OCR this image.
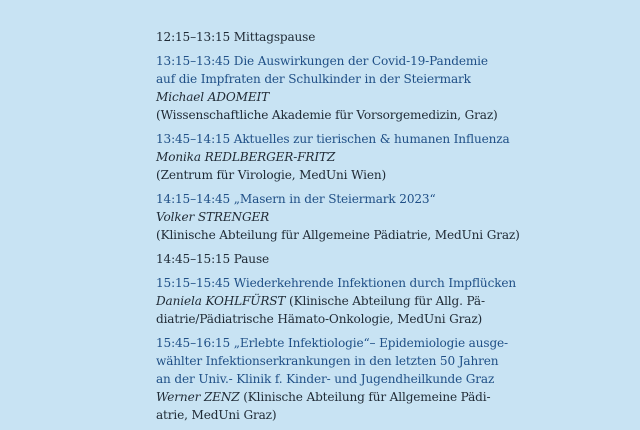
12:15–13:15 Mittagspause
13:15–13:45 Die Auswirkungen der Covid-19-Pandemie
auf die Impfraten der Schulkinder in der Steiermark
Michael ADOMEIT
(Wissenschaftliche Akademie für Vorsorgemedizin, Graz)
13:45–14:15 Aktuelles zur tierischen & humanen Influenza
Monika REDLBERGER-FRITZ
(Zentrum für Virologie, MedUni Wien)
14:15–14:45 „Masern in der Steiermark 2023“
Volker STRENGER
(Klinische Abteilung für Allgemeine Pädiatrie, MedUni Graz)
14:45–15:15 Pause
15:15–15:45 Wiederkehrende Infektionen durch Impflücken
Daniela KOHLFÜRST (Klinische Abteilung für Allg. Pä-
diatrie/Pädiatrische Hämato-Onkologie, MedUni Graz)
15:45–16:15 „Erlebte Infektiologie“– Epidemiologie ausge-
wählter Infektionserkrankungen in den letzten 50 Jahren
an der Univ.- Klinik f. Kinder- und Jugendheilkunde Graz
Werner ZENZ (Klinische Abteilung für Allgemeine Pädi-
atrie, MedUni Graz)
